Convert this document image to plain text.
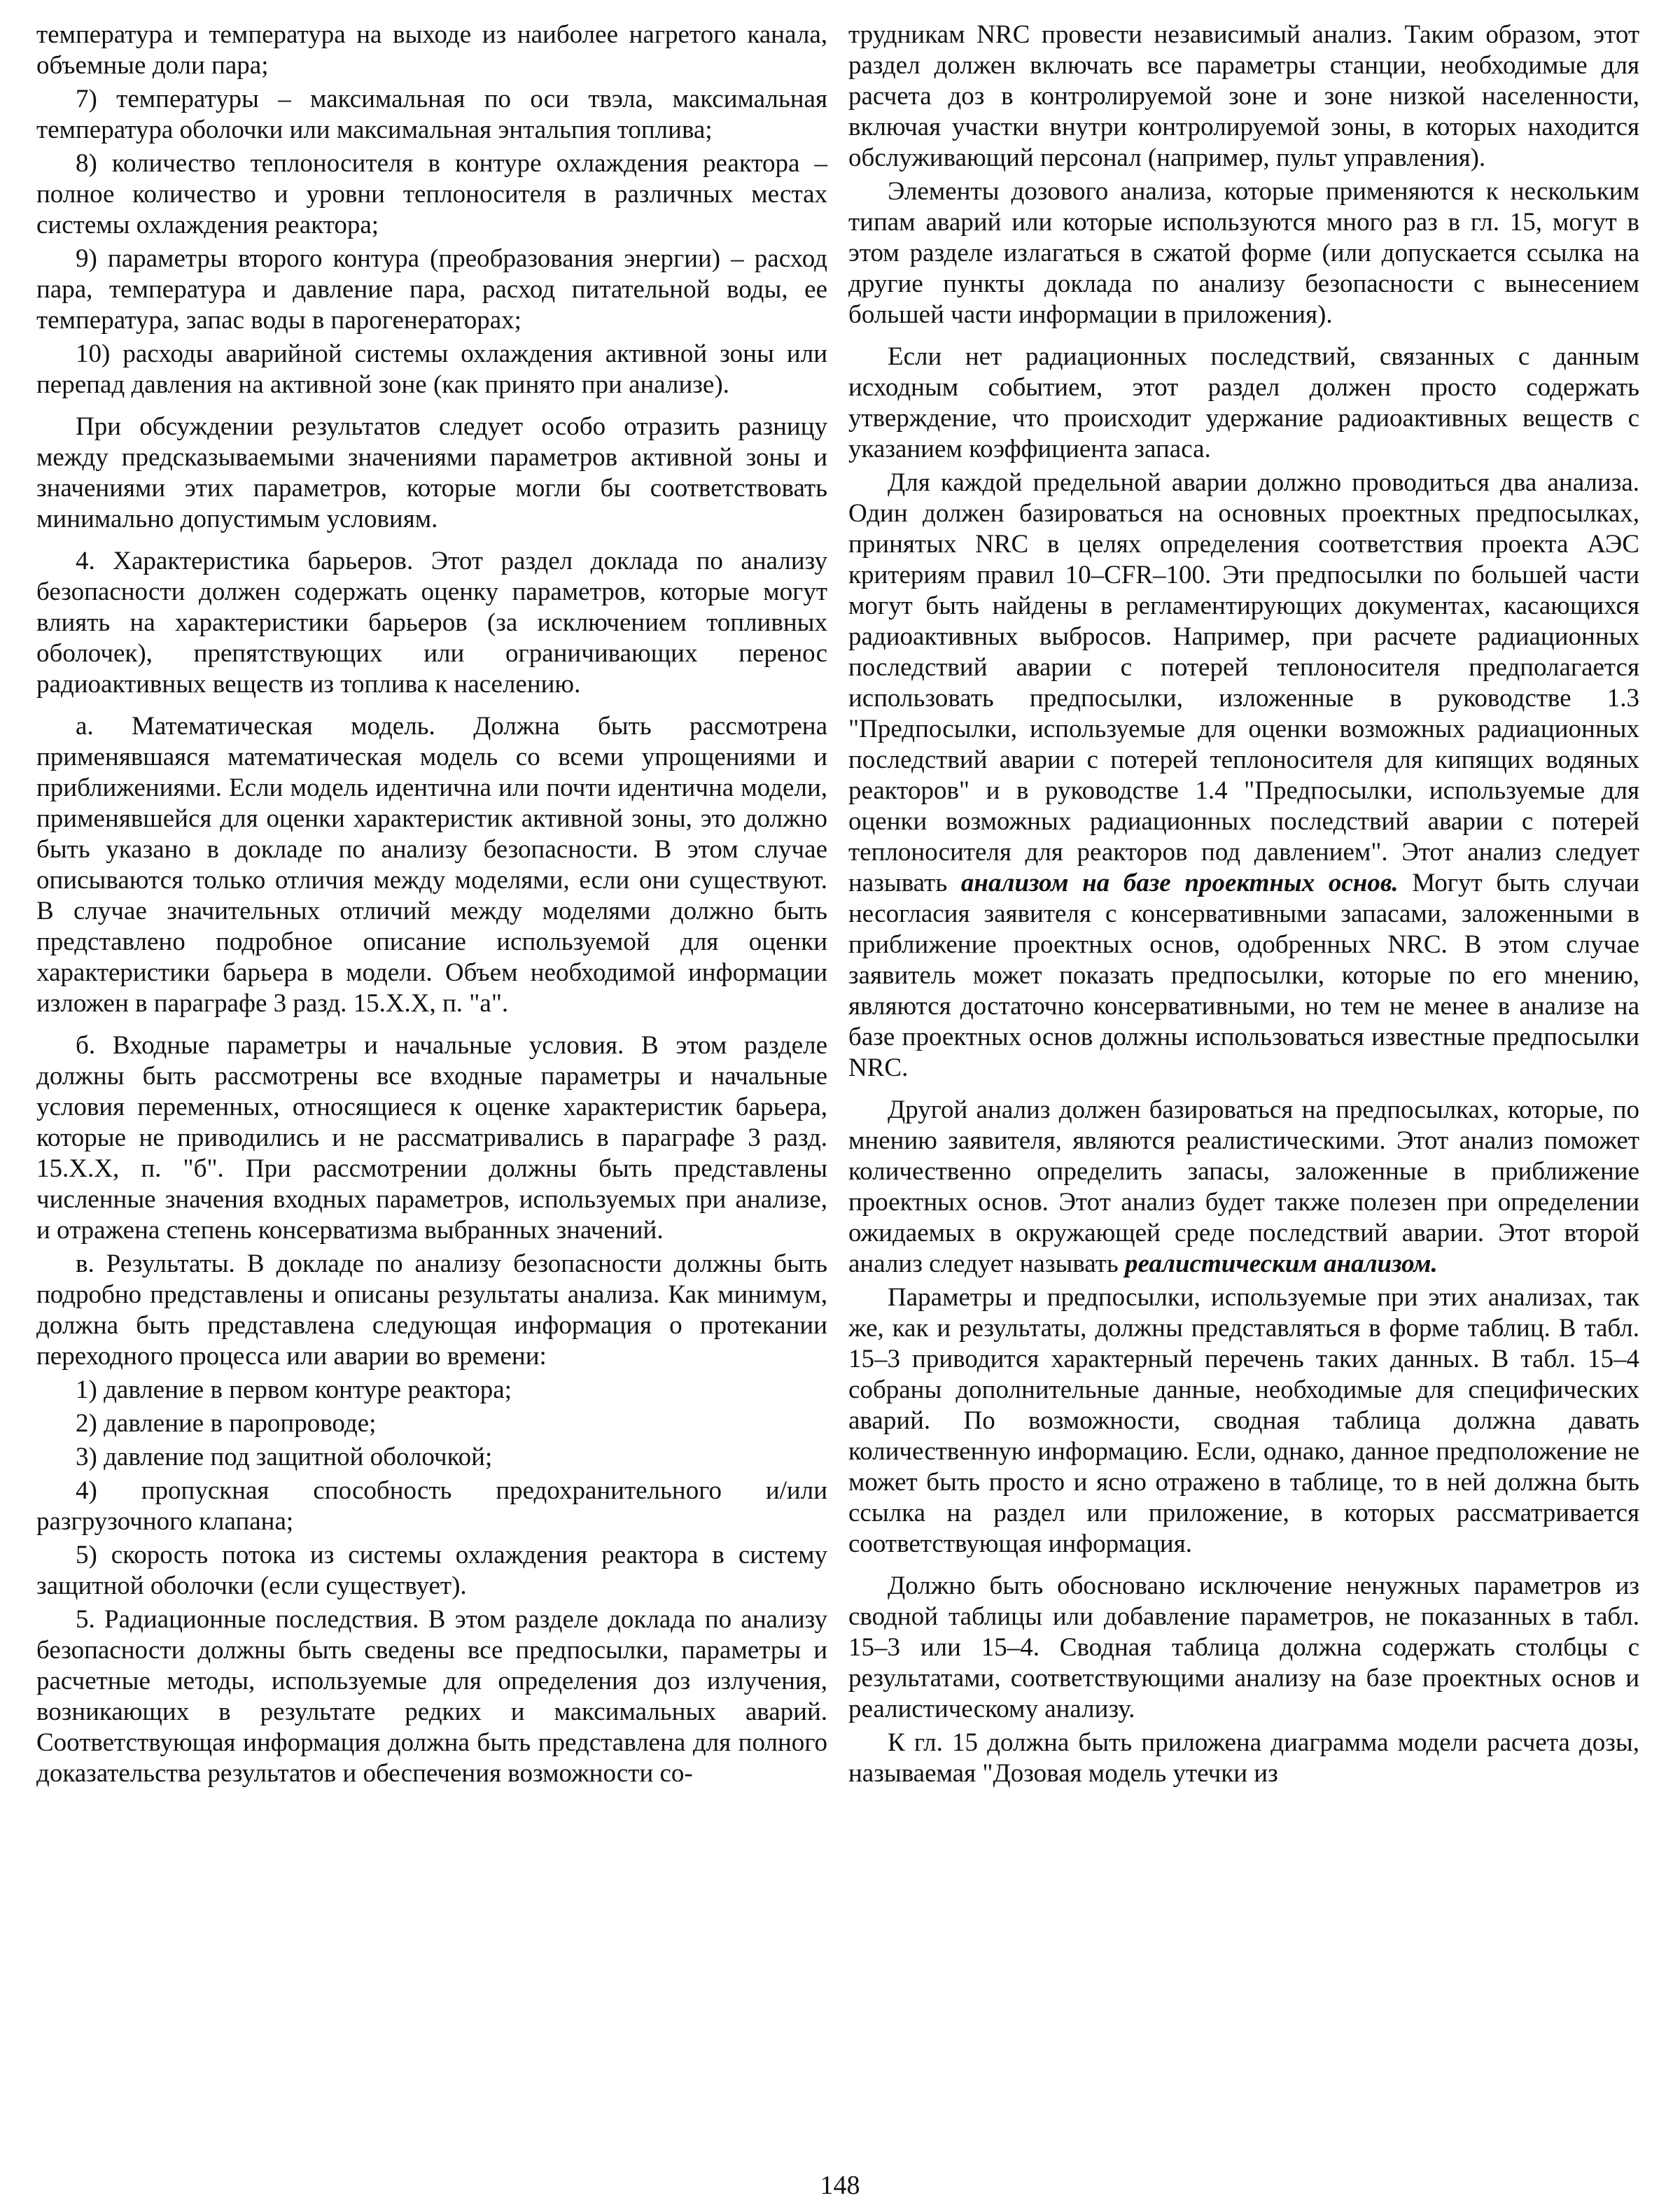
температура и температура на выходе из наиболее нагретого канала, объемные доли пара;

7) температуры – максимальная по оси твэла, максимальная температура оболочки или максимальная энтальпия топлива;

8) количество теплоносителя в контуре охлаждения реактора – полное количество и уровни теплоносителя в различных местах системы охлаждения реактора;

9) параметры второго контура (преобразования энергии) – расход пара, температура и давление пара, расход питательной воды, ее температура, запас воды в парогенераторах;

10) расходы аварийной системы охлаждения активной зоны или перепад давления на активной зоне (как принято при анализе).

При обсуждении результатов следует особо отразить разницу между предсказываемыми значениями параметров активной зоны и значениями этих параметров, которые могли бы соответствовать минимально допустимым условиям.

4. Характеристика барьеров. Этот раздел доклада по анализу безопасности должен содержать оценку параметров, которые могут влиять на характеристики барьеров (за исключением топливных оболочек), препятствующих или ограничивающих перенос радиоактивных веществ из топлива к населению.

а. Математическая модель. Должна быть рассмотрена применявшаяся математическая модель со всеми упрощениями и приближениями. Если модель идентична или почти идентична модели, применявшейся для оценки характеристик активной зоны, это должно быть указано в докладе по анализу безопасности. В этом случае описываются только отличия между моделями, если они существуют. В случае значительных отличий между моделями должно быть представлено подробное описание используемой для оценки характеристики барьера в модели. Объем необходимой информации изложен в параграфе 3 разд. 15.X.X, п. "а".

б. Входные параметры и начальные условия. В этом разделе должны быть рассмотрены все входные параметры и начальные условия переменных, относящиеся к оценке характеристик барьера, которые не приводились и не рассматривались в параграфе 3 разд. 15.X.X, п. "б". При рассмотрении должны быть представлены численные значения входных параметров, используемых при анализе, и отражена степень консерватизма выбранных значений.

в. Результаты. В докладе по анализу безопасности должны быть подробно представлены и описаны результаты анализа. Как минимум, должна быть представлена следующая информация о протекании переходного процесса или аварии во времени:

1) давление в первом контуре реактора;

2) давление в паропроводе;

3) давление под защитной оболочкой;

4) пропускная способность предохранительного и/или разгрузочного клапана;

5) скорость потока из системы охлаждения реактора в систему защитной оболочки (если существует).

5. Радиационные последствия. В этом разделе доклада по анализу безопасности должны быть сведены все предпосылки, параметры и расчетные методы, используемые для определения доз излучения, возникающих в результате редких и максимальных аварий. Соответствующая информация должна быть представлена для полного доказательства результатов и обеспечения возможности со-

трудникам NRC провести независимый анализ. Таким образом, этот раздел должен включать все параметры станции, необходимые для расчета доз в контролируемой зоне и зоне низкой населенности, включая участки внутри контролируемой зоны, в которых находится обслуживающий персонал (например, пульт управления).

Элементы дозового анализа, которые применяются к нескольким типам аварий или которые используются много раз в гл. 15, могут в этом разделе излагаться в сжатой форме (или допускается ссылка на другие пункты доклада по анализу безопасности с вынесением большей части информации в приложения).

Если нет радиационных последствий, связанных с данным исходным событием, этот раздел должен просто содержать утверждение, что происходит удержание радиоактивных веществ с указанием коэффициента запаса.

Для каждой предельной аварии должно проводиться два анализа. Один должен базироваться на основных проектных предпосылках, принятых NRC в целях определения соответствия проекта АЭС критериям правил 10–CFR–100. Эти предпосылки по большей части могут быть найдены в регламентирующих документах, касающихся радиоактивных выбросов. Например, при расчете радиационных последствий аварии с потерей теплоносителя предполагается использовать предпосылки, изложенные в руководстве 1.3 "Предпосылки, используемые для оценки возможных радиационных последствий аварии с потерей теплоносителя для кипящих водяных реакторов" и в руководстве 1.4 "Предпосылки, используемые для оценки возможных радиационных последствий аварии с потерей теплоносителя для реакторов под давлением". Этот анализ следует называть анализом на базе проектных основ. Могут быть случаи несогласия заявителя с консервативными запасами, заложенными в приближение проектных основ, одобренных NRC. В этом случае заявитель может показать предпосылки, которые по его мнению, являются достаточно консервативными, но тем не менее в анализе на базе проектных основ должны использоваться известные предпосылки NRC.

Другой анализ должен базироваться на предпосылках, которые, по мнению заявителя, являются реалистическими. Этот анализ поможет количественно определить запасы, заложенные в приближение проектных основ. Этот анализ будет также полезен при определении ожидаемых в окружающей среде последствий аварии. Этот второй анализ следует называть реалистическим анализом.

Параметры и предпосылки, используемые при этих анализах, так же, как и результаты, должны представляться в форме таблиц. В табл. 15–3 приводится характерный перечень таких данных. В табл. 15–4 собраны дополнительные данные, необходимые для специфических аварий. По возможности, сводная таблица должна давать количественную информацию. Если, однако, данное предположение не может быть просто и ясно отражено в таблице, то в ней должна быть ссылка на раздел или приложение, в которых рассматривается соответствующая информация.

Должно быть обосновано исключение ненужных параметров из сводной таблицы или добавление параметров, не показанных в табл. 15–3 или 15–4. Сводная таблица должна содержать столбцы с результатами, соответствующими анализу на базе проектных основ и реалистическому анализу.

К гл. 15 должна быть приложена диаграмма модели расчета дозы, называемая "Дозовая модель утечки из

148
